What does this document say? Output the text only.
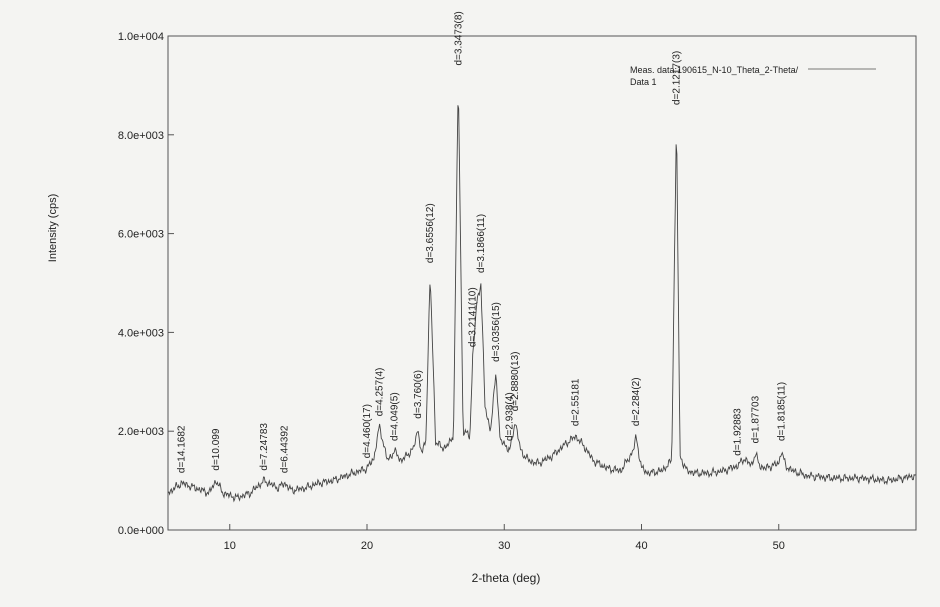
0.0e+000
2.0e+003
4.0e+003
6.0e+003
8.0e+003
1.0e+004
10	20	30	40	50
d=14.1682 d=10.099	d=7.24783 d=6.44392	d=4.460(17)
d=4.257(4)
d=4.049(5) d=3.760(6)
d=3.6556(12)
d=3.3473(8)
d=3.2141(10)
d=3.1866(11)
d=3.0356(15)
d=2.938(4)
d=2.8880(13)	d=2.55181	d=2.284(2)
d=2.1217(3)
d=1.92883 d=1.87703 d=1.8185(11)
2-theta (deg)
Intensity (cps)
Meas. data:190615_N-10_Theta_2-Theta/
Data 1
